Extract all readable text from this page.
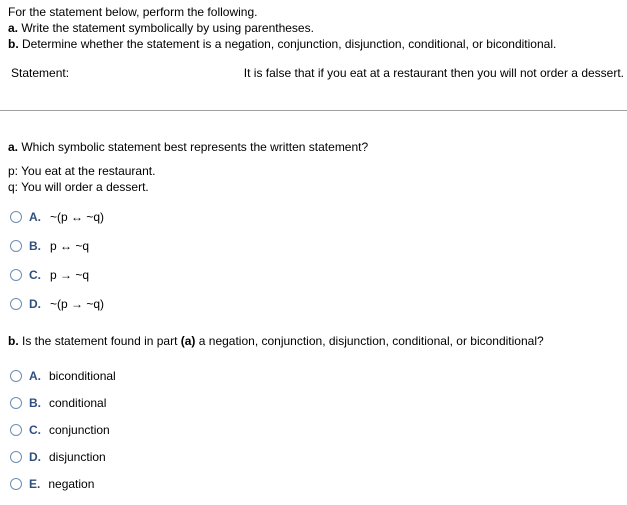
For the statement below, perform the following.
a. Write the statement symbolically by using parentheses.
b. Determine whether the statement is a negation, conjunction, disjunction, conditional, or biconditional.
Statement:	It is false that if you eat at a restaurant then you will not order a dessert.
a. Which symbolic statement best represents the written statement?
p: You eat at the restaurant.
q: You will order a dessert.
A. ~(p ↔ ~q)
B. p ↔ ~q
C. p → ~q
D. ~(p → ~q)
b. Is the statement found in part (a) a negation, conjunction, disjunction, conditional, or biconditional?
A. biconditional
B. conditional
C. conjunction
D. disjunction
E. negation
